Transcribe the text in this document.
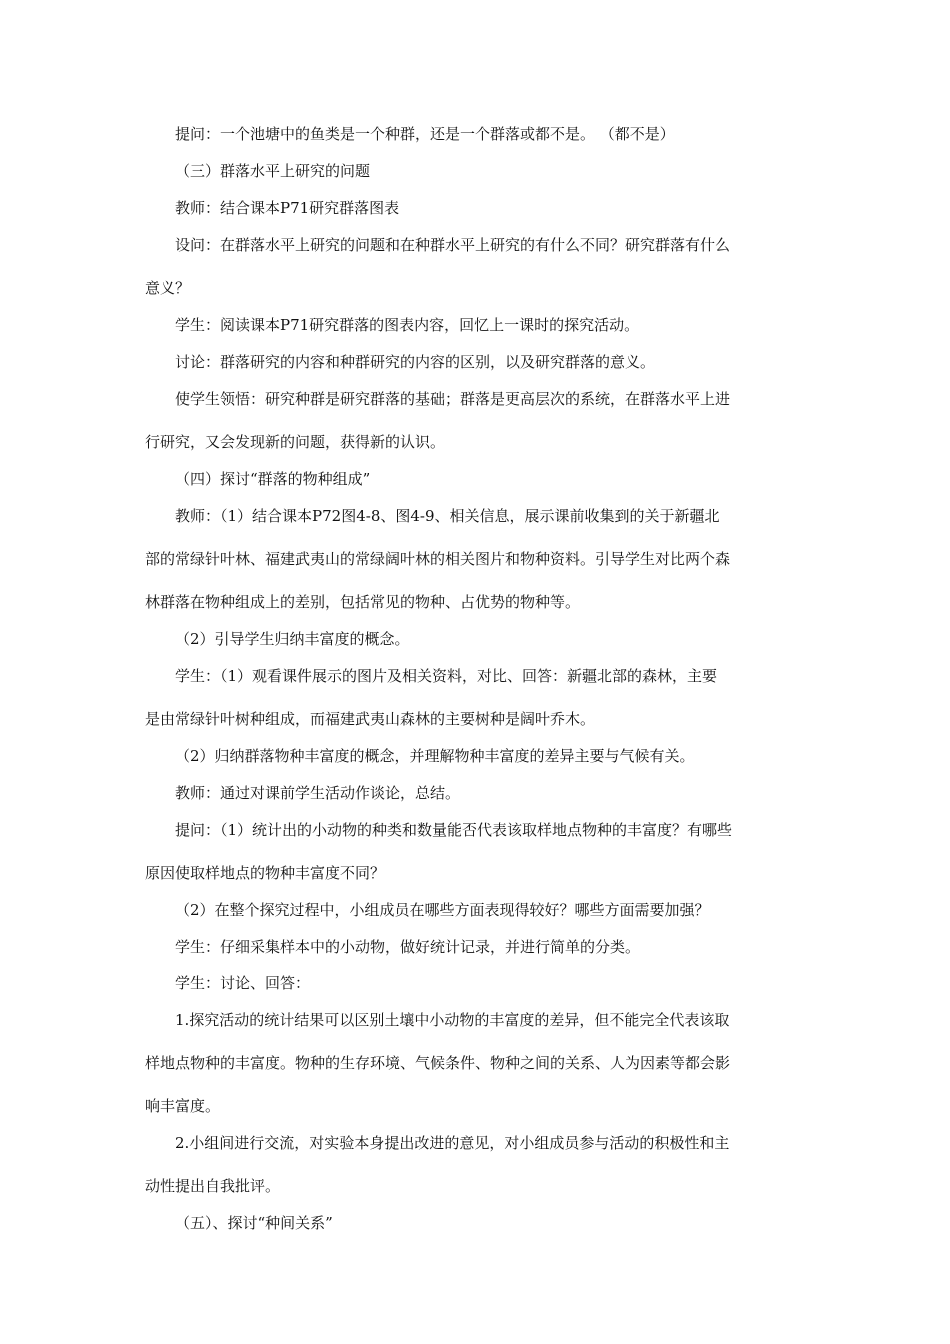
提问：一个池塘中的鱼类是一个种群，还是一个群落或都不是。 （都不是）
（三）群落水平上研究的问题
教师：结合课本P71研究群落图表
设问：在群落水平上研究的问题和在种群水平上研究的有什么不同？研究群落有什么
意义？
学生：阅读课本P71研究群落的图表内容，回忆上一课时的探究活动。
讨论：群落研究的内容和种群研究的内容的区别，以及研究群落的意义。
使学生领悟：研究种群是研究群落的基础；群落是更高层次的系统，在群落水平上进
行研究，又会发现新的问题，获得新的认识。
（四）探讨“群落的物种组成”
教师：（1）结合课本P72图4-8、图4-9、相关信息，展示课前收集到的关于新疆北
部的常绿针叶林、福建武夷山的常绿阔叶林的相关图片和物种资料。引导学生对比两个森
林群落在物种组成上的差别，包括常见的物种、占优势的物种等。
（2）引导学生归纳丰富度的概念。
学生：（1）观看课件展示的图片及相关资料，对比、回答：新疆北部的森林，主要
是由常绿针叶树种组成，而福建武夷山森林的主要树种是阔叶乔木。
（2）归纳群落物种丰富度的概念，并理解物种丰富度的差异主要与气候有关。
教师：通过对课前学生活动作谈论，总结。
提问：（1）统计出的小动物的种类和数量能否代表该取样地点物种的丰富度？有哪些
原因使取样地点的物种丰富度不同？
（2）在整个探究过程中，小组成员在哪些方面表现得较好？哪些方面需要加强？
学生：仔细采集样本中的小动物，做好统计记录，并进行简单的分类。
学生：讨论、回答：
1.探究活动的统计结果可以区别土壤中小动物的丰富度的差异，但不能完全代表该取
样地点物种的丰富度。物种的生存环境、气候条件、物种之间的关系、人为因素等都会影
响丰富度。
2.小组间进行交流，对实验本身提出改进的意见，对小组成员参与活动的积极性和主
动性提出自我批评。
（五）、探讨“种间关系”
